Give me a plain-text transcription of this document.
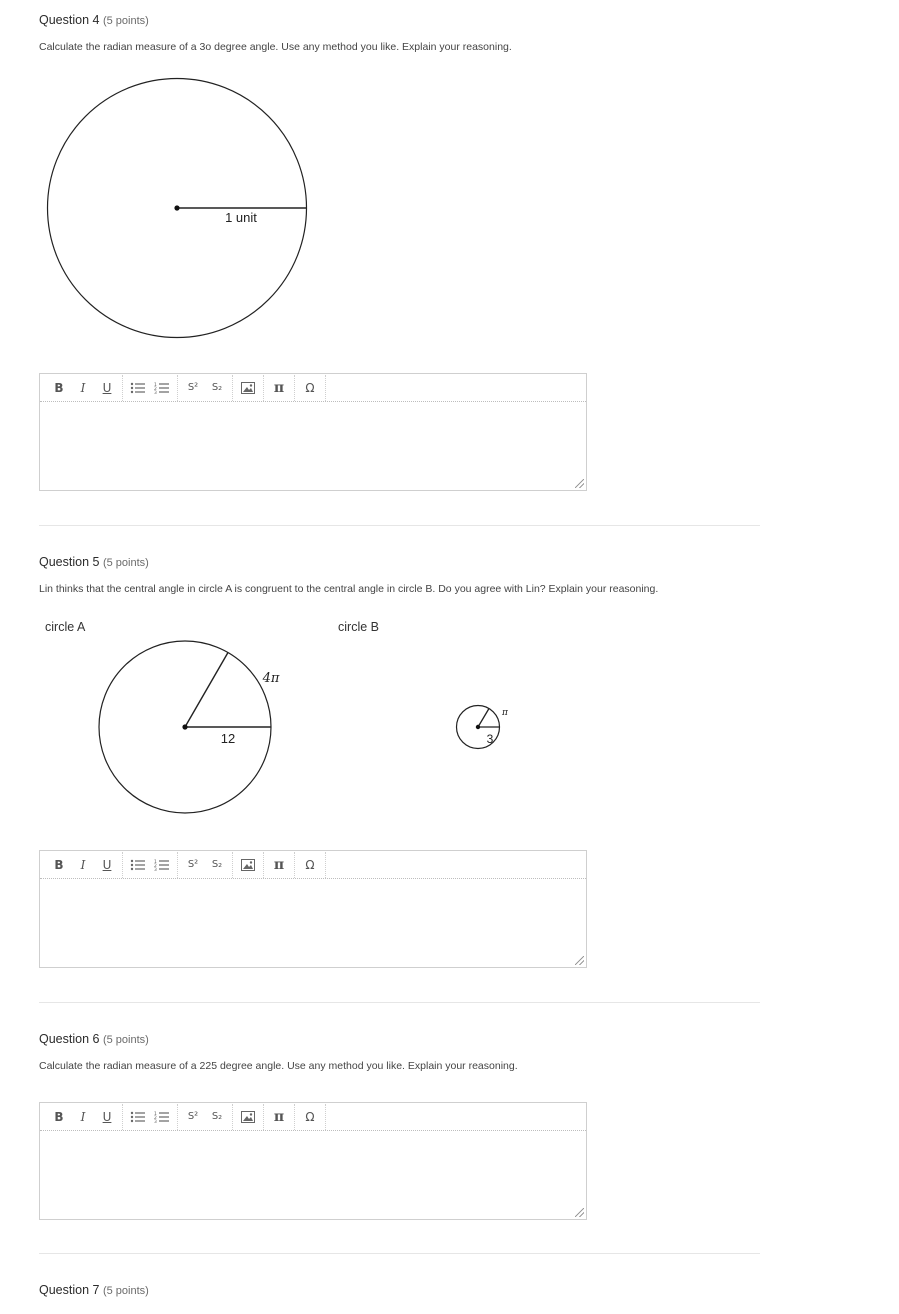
Question 4 (5 points)

Calculate the radian measure of a 3o degree angle. Use any method you like. Explain your reasoning.

1 unit
B	I	U	1
2
3	S²	S₂	π	Ω

Question 5 (5 points)

Lin thinks that the central angle in circle A is congruent to the central angle in circle B. Do you agree with Lin? Explain your reasoning.

circle A	circle B
12
4π
3
π
B	I	U	1
2
3	S²	S₂	π	Ω

Question 6 (5 points)

Calculate the radian measure of a 225 degree angle. Use any method you like. Explain your reasoning.

B	I	U	1
2
3	S²	S₂	π	Ω

Question 7 (5 points)
